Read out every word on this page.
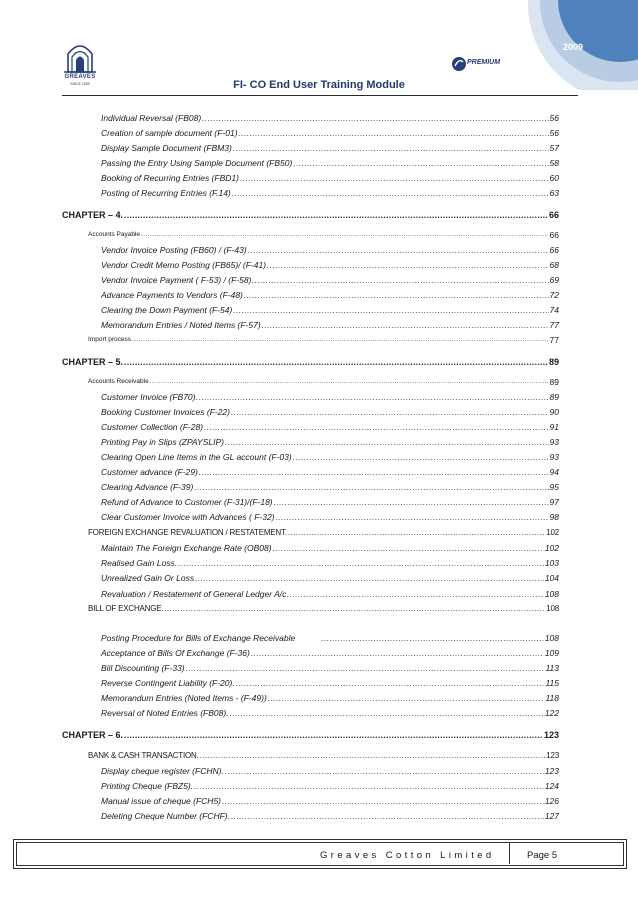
2009
GREAVES
SINCE 1859
PREMIUM
FI- CO End User Training Module
Individual Reversal (FB08) .....	56
Creation of sample document (F-01) .....	56
Display Sample Document (FBM3) .....	57
Passing the Entry Using Sample Document (FB50) .....	58
Booking of Recurring Entries (FBD1) .....	60
Posting of Recurring Entries (F.14) .....	63
CHAPTER – 4. .....	66
Accounts Payable .....	66
Vendor Invoice Posting (FB60) / (F-43) .....	66
Vendor Credit Memo Posting (FB65)/ (F-41) .....	68
Vendor Invoice Payment ( F-53) / (F-58). .....	69
Advance Payments to Vendors (F-48) .....	72
Clearing the Down Payment (F-54) .....	74
Memorandum Entries / Noted Items (F-57) .....	77
Import process .....	77
CHAPTER – 5. .....	89
Accounts Receivable .....	89
Customer Invoice (FB70). .....	89
Booking Customer Invoices (F-22) .....	90
Customer Collection (F-28) .....	91
Printing Pay in Slips (ZPAYSLIP) .....	93
Clearing Open Line Items in the GL account (F-03) .....	93
Customer advance (F-29) .....	94
Clearing Advance (F-39) .....	95
Refund of Advance to Customer (F-31)/(F-18) .....	97
Clear Customer Invoice with Advances ( F-32) .....	98
FOREIGN EXCHANGE REVALUATION / RESTATEMENT. .....	102
Maintain The Foreign Exchange Rate (OB08) .....	102
Realised Gain Loss. .....	103
Unrealized Gain Or Loss .....	104
Revaluation / Restatement of General Ledger A/c. .....	108
BILL OF EXCHANGE. .....	108
Posting Procedure for Bills of Exchange Receivable .....	108
Acceptance of Bills Of Exchange (F-36) .....	109
Bill Discounting (F-33) .....	113
Reverse Contingent Liability (F-20). .....	115
Memorandum Entries (Noted Items - (F-49)) .....	118
Reversal of Noted Entries (FB08). .....	122
CHAPTER – 6. .....	123
BANK & CASH TRANSACTION. .....	123
Display cheque register (FCHN). .....	123
Printing Cheque (FBZ5). .....	124
Manual issue of cheque (FCH5) .....	126
Deleting Cheque Number (FCHF). .....	127
Greaves Cotton Limited	Page 5
